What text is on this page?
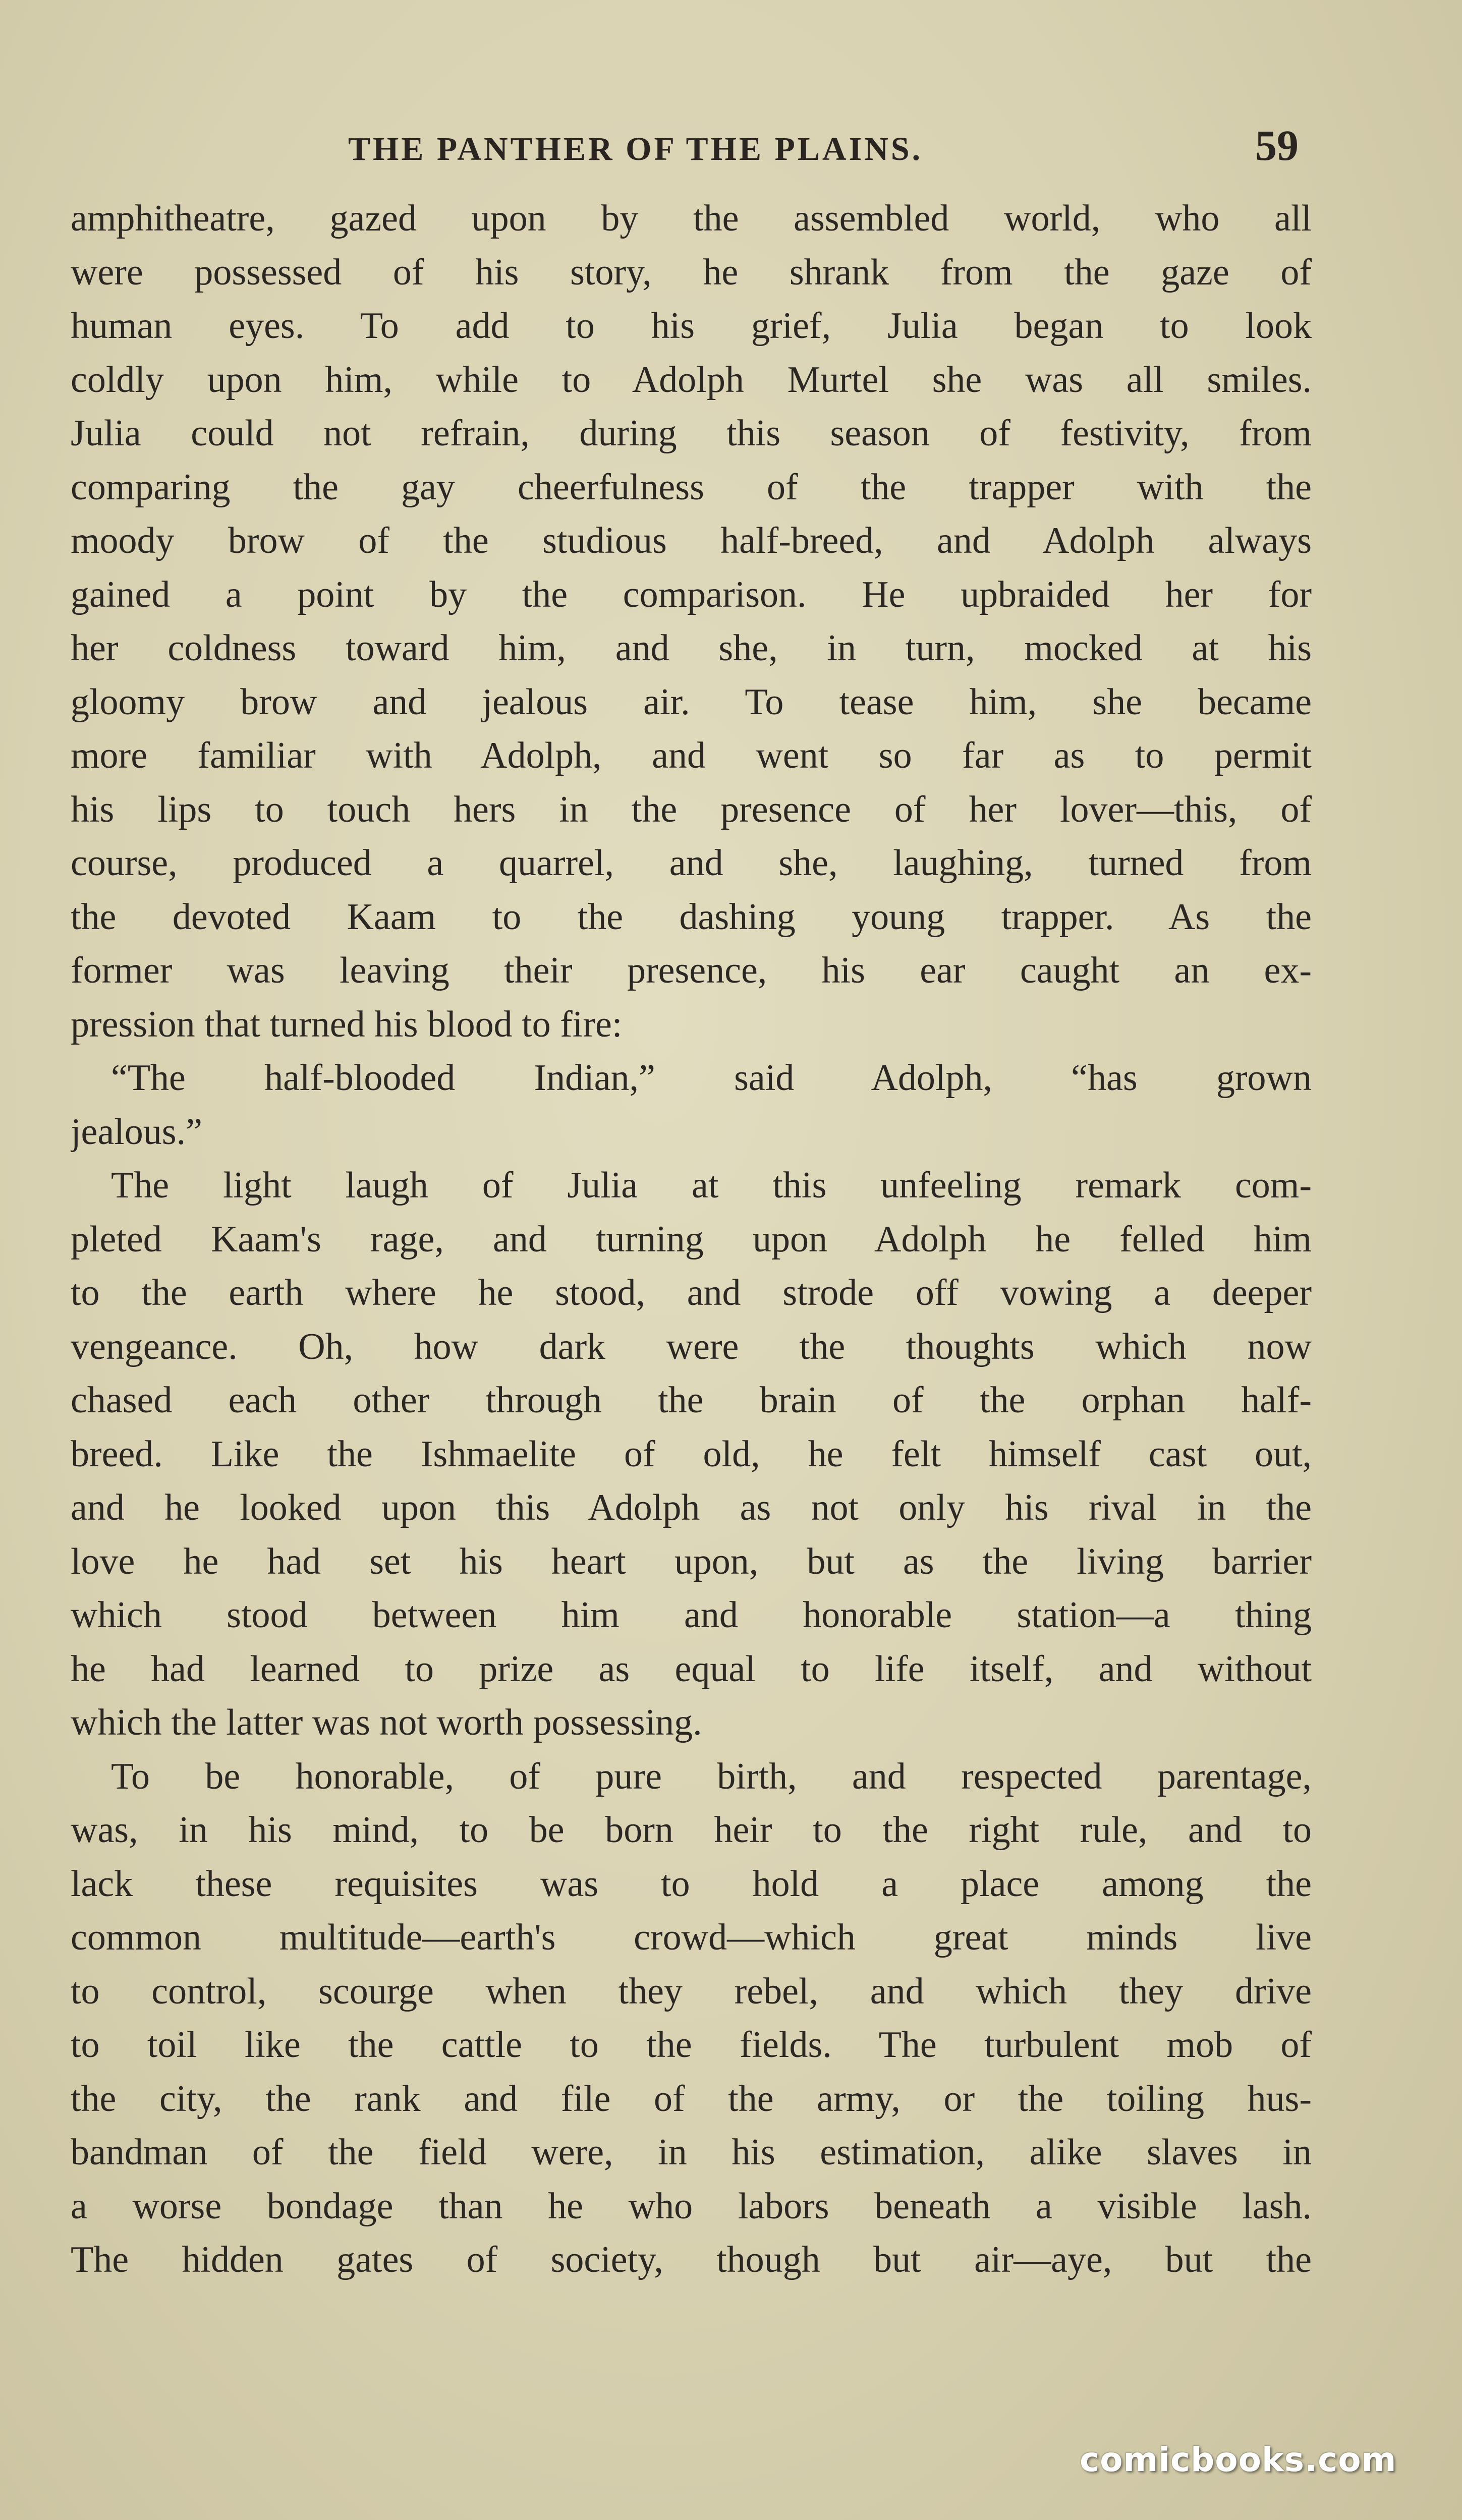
THE PANTHER OF THE PLAINS.	59
amphitheatre, gazed upon by the assembled world, who all
were possessed of his story, he shrank from the gaze of
human eyes. To add to his grief, Julia began to look
coldly upon him, while to Adolph Murtel she was all smiles.
Julia could not refrain, during this season of festivity, from
comparing the gay cheerfulness of the trapper with the
moody brow of the studious half-breed, and Adolph always
gained a point by the comparison. He upbraided her for
her coldness toward him, and she, in turn, mocked at his
gloomy brow and jealous air. To tease him, she became
more familiar with Adolph, and went so far as to permit
his lips to touch hers in the presence of her lover—this, of
course, produced a quarrel, and she, laughing, turned from
the devoted Kaam to the dashing young trapper. As the
former was leaving their presence, his ear caught an ex-
pression that turned his blood to fire:
“The half-blooded Indian,” said Adolph, “has grown
jealous.”
The light laugh of Julia at this unfeeling remark com-
pleted Kaam's rage, and turning upon Adolph he felled him
to the earth where he stood, and strode off vowing a deeper
vengeance. Oh, how dark were the thoughts which now
chased each other through the brain of the orphan half-
breed. Like the Ishmaelite of old, he felt himself cast out,
and he looked upon this Adolph as not only his rival in the
love he had set his heart upon, but as the living barrier
which stood between him and honorable station—a thing
he had learned to prize as equal to life itself, and without
which the latter was not worth possessing.
To be honorable, of pure birth, and respected parentage,
was, in his mind, to be born heir to the right rule, and to
lack these requisites was to hold a place among the
common multitude—earth's crowd—which great minds live
to control, scourge when they rebel, and which they drive
to toil like the cattle to the fields. The turbulent mob of
the city, the rank and file of the army, or the toiling hus-
bandman of the field were, in his estimation, alike slaves in
a worse bondage than he who labors beneath a visible lash.
The hidden gates of society, though but air—aye, but the
comicbooks.com
